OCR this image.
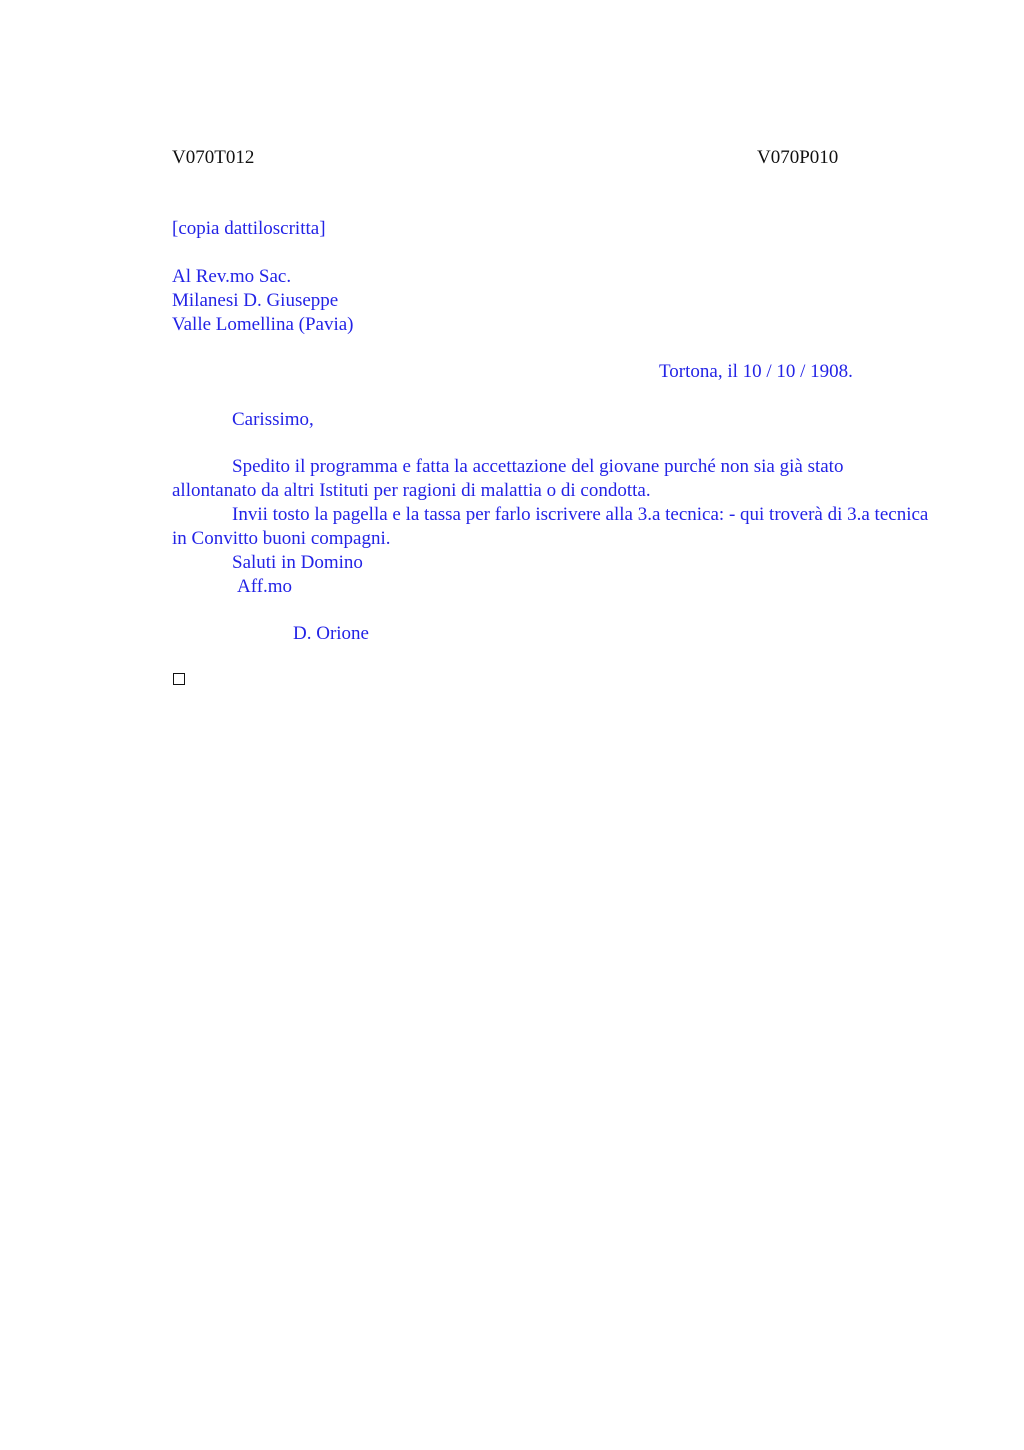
V070T012	V070P010
[copia dattiloscritta]
Al Rev.mo Sac.
Milanesi D. Giuseppe
Valle Lomellina (Pavia)
Tortona, il 10 / 10 / 1908.
Carissimo,
Spedito il programma e fatta la accettazione del giovane purché non sia già stato allontanato da altri Istituti per ragioni di malattia o di condotta.
Invii tosto la pagella e la tassa per farlo iscrivere alla 3.a tecnica: - qui troverà di 3.a tecnica in Convitto buoni compagni.
Saluti in Domino
Aff.mo
D. Orione
